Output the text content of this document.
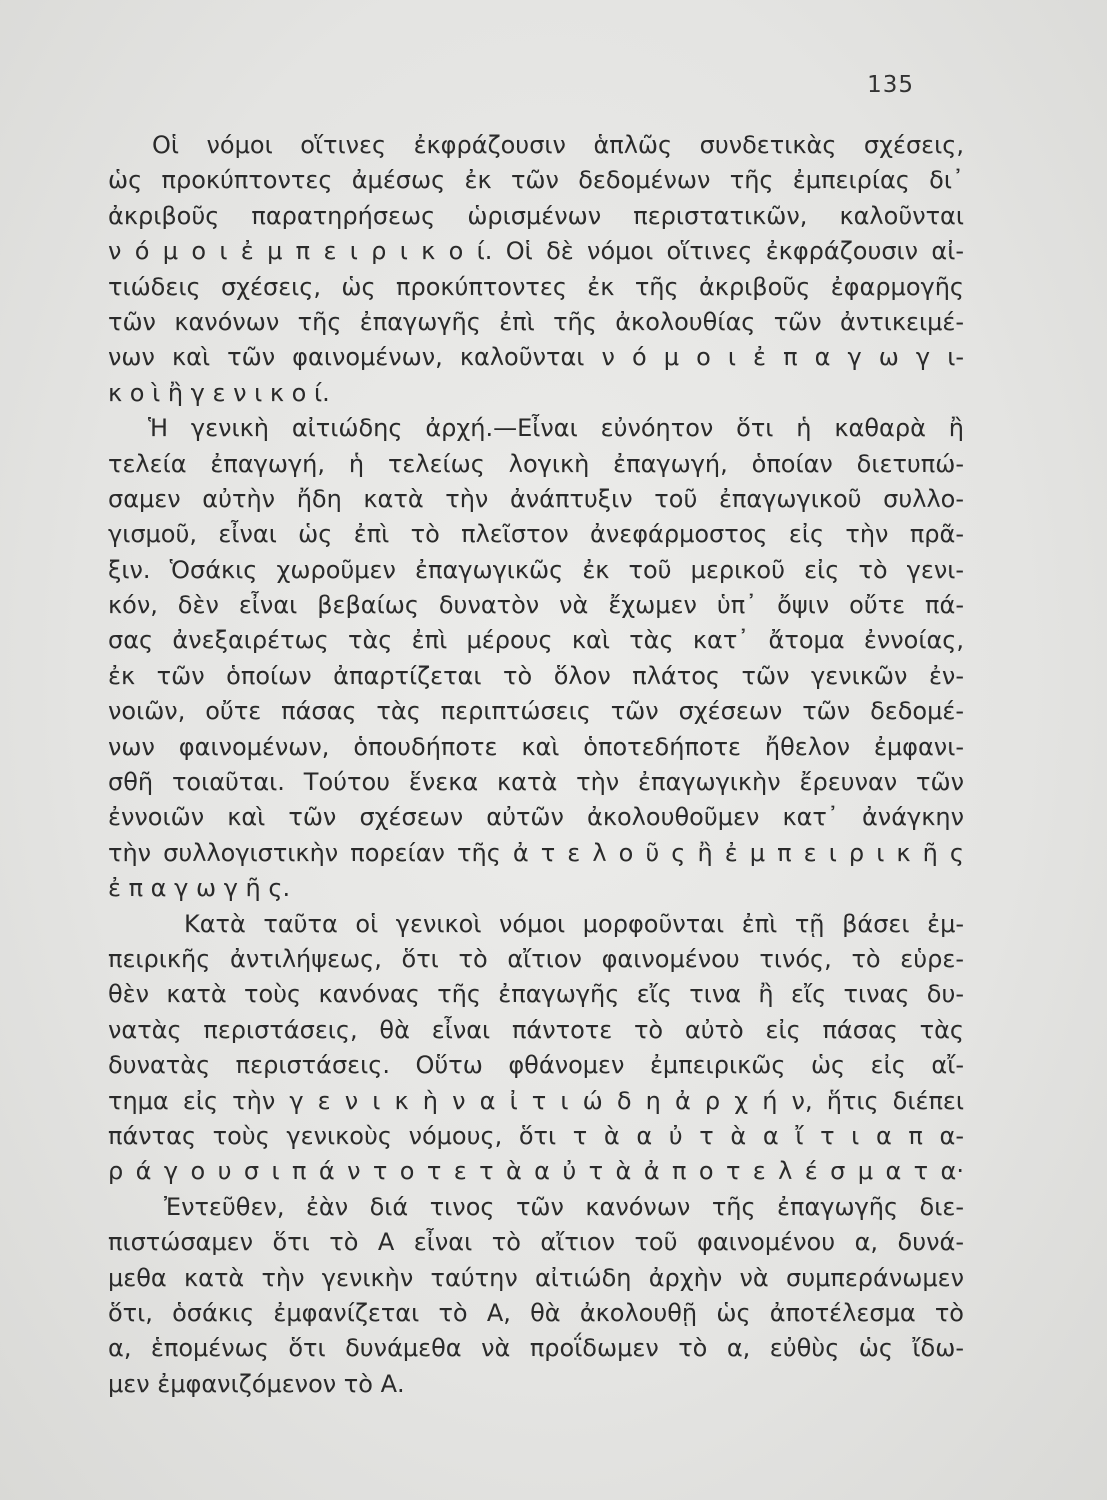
135
Οἱ νόμοι οἵτινες ἐκφράζουσιν ἁπλῶς συνδετικὰς σχέσεις,
ὡς προκύπτοντες ἀμέσως ἐκ τῶν δεδομένων τῆς ἐμπειρίας δι᾽
ἀκριβοῦς παρατηρήσεως ὡρισμένων περιστατικῶν, καλοῦνται
ν ό μ ο ι ἐ μ π ε ι ρ ι κ ο ί. Οἱ δὲ νόμοι οἵτινες ἐκφράζουσιν αἰ-
τιώδεις σχέσεις, ὡς προκύπτοντες ἐκ τῆς ἀκριβοῦς ἐφαρμογῆς
τῶν κανόνων τῆς ἐπαγωγῆς ἐπὶ τῆς ἀκολουθίας τῶν ἀντικειμέ-
νων καὶ τῶν φαινομένων, καλοῦνται ν ό μ ο ι ἐ π α γ ω γ ι-
κ ο ὶ ἢ γ ε ν ι κ ο ί.
Ἡ γενικὴ αἰτιώδης ἀρχή.—Εἶναι εὐνόητον ὅτι ἡ καθαρὰ ἢ
τελεία ἐπαγωγή, ἡ τελείως λογικὴ ἐπαγωγή, ὁποίαν διετυπώ-
σαμεν αὐτὴν ἤδη κατὰ τὴν ἀνάπτυξιν τοῦ ἐπαγωγικοῦ συλλο-
γισμοῦ, εἶναι ὡς ἐπὶ τὸ πλεῖστον ἀνεφάρμοστος εἰς τὴν πρᾶ-
ξιν. Ὁσάκις χωροῦμεν ἐπαγωγικῶς ἐκ τοῦ μερικοῦ εἰς τὸ γενι-
κόν, δὲν εἶναι βεβαίως δυνατὸν νὰ ἔχωμεν ὑπ᾽ ὄψιν οὔτε πά-
σας ἀνεξαιρέτως τὰς ἐπὶ μέρους καὶ τὰς κατ᾽ ἄτομα ἐννοίας,
ἐκ τῶν ὁποίων ἀπαρτίζεται τὸ ὅλον πλάτος τῶν γενικῶν ἐν-
νοιῶν, οὔτε πάσας τὰς περιπτώσεις τῶν σχέσεων τῶν δεδομέ-
νων φαινομένων, ὁπουδήποτε καὶ ὁποτεδήποτε ἤθελον ἐμφανι-
σθῆ τοιαῦται. Τούτου ἕνεκα κατὰ τὴν ἐπαγωγικὴν ἔρευναν τῶν
ἐννοιῶν καὶ τῶν σχέσεων αὐτῶν ἀκολουθοῦμεν κατ᾽ ἀνάγκην
τὴν συλλογιστικὴν πορείαν τῆς ἀ τ ε λ ο ῦ ς ἢ ἐ μ π ε ι ρ ι κ ῆ ς
ἐ π α γ ω γ ῆ ς.
Κατὰ ταῦτα οἱ γενικοὶ νόμοι μορφοῦνται ἐπὶ τῇ βάσει ἐμ-
πειρικῆς ἀντιλήψεως, ὅτι τὸ αἴτιον φαινομένου τινός, τὸ εὑρε-
θὲν κατὰ τοὺς κανόνας τῆς ἐπαγωγῆς εἴς τινα ἢ εἴς τινας δυ-
νατὰς περιστάσεις, θὰ εἶναι πάντοτε τὸ αὐτὸ εἰς πάσας τὰς
δυνατὰς περιστάσεις. Οὕτω φθάνομεν ἐμπειρικῶς ὡς εἰς αἴ-
τημα εἰς τὴν γ ε ν ι κ ὴ ν α ἰ τ ι ώ δ η ἀ ρ χ ή ν, ἥτις διέπει
πάντας τοὺς γενικοὺς νόμους, ὅτι τ ὰ α ὐ τ ὰ α ἴ τ ι α π α-
ρ ά γ ο υ σ ι π ά ν τ ο τ ε τ ὰ α ὐ τ ὰ ἀ π ο τ ε λ έ σ μ α τ α·
Ἐντεῦθεν, ἐὰν διά τινος τῶν κανόνων τῆς ἐπαγωγῆς διε-
πιστώσαμεν ὅτι τὸ Α εἶναι τὸ αἴτιον τοῦ φαινομένου α, δυνά-
μεθα κατὰ τὴν γενικὴν ταύτην αἰτιώδη ἀρχὴν νὰ συμπεράνωμεν
ὅτι, ὁσάκις ἐμφανίζεται τὸ Α, θὰ ἀκολουθῇ ὡς ἀποτέλεσμα τὸ
α, ἑπομένως ὅτι δυνάμεθα νὰ προΐδωμεν τὸ α, εὐθὺς ὡς ἴδω-
μεν ἐμφανιζόμενον τὸ Α.
